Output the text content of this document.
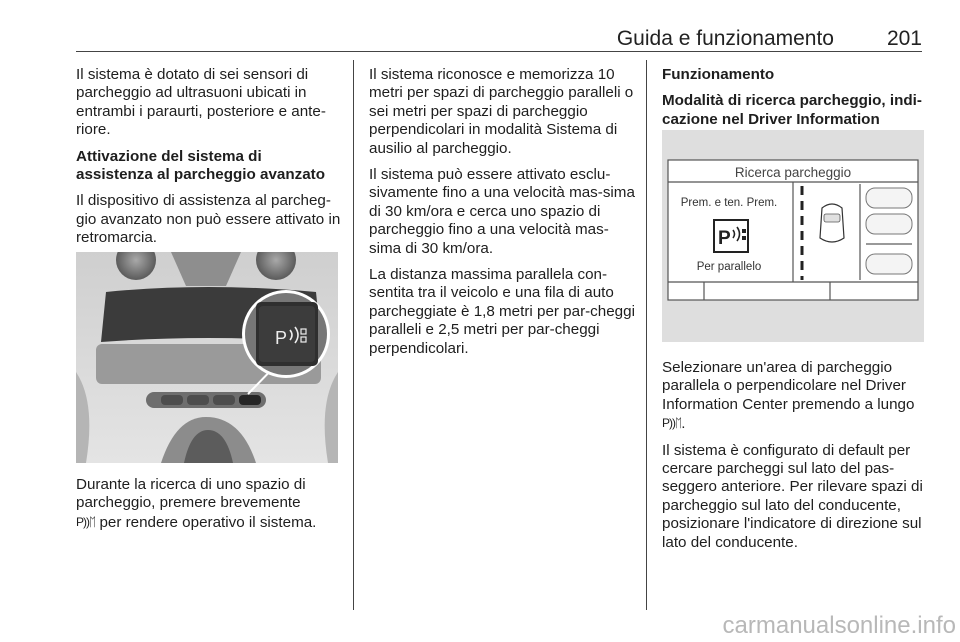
Guida e funzionamento	201

Il sistema è dotato di sei sensori di parcheggio ad ultrasuoni ubicati in entrambi i paraurti, posteriore e ante-riore.

Attivazione del sistema di assistenza al parcheggio avanzato

Il dispositivo di assistenza al parcheg-gio avanzato non può essere attivato in retromarcia.

P

Durante la ricerca di uno spazio di parcheggio, premere brevemente
P))ᛖ per rendere operativo il sistema.

Il sistema riconosce e memorizza 10 metri per spazi di parcheggio paralleli o sei metri per spazi di parcheggio perpendicolari in modalità Sistema di ausilio al parcheggio.

Il sistema può essere attivato esclu-sivamente fino a una velocità mas-sima di 30 km/ora e cerca uno spazio di parcheggio fino a una velocità mas-sima di 30 km/ora.

La distanza massima parallela con-sentita tra il veicolo e una fila di auto parcheggiate è 1,8 metri per par-cheggi paralleli e 2,5 metri per par-cheggi perpendicolari.

Funzionamento

Modalità di ricerca parcheggio, indi-cazione nel Driver Information

Ricerca parcheggio
Prem. e ten. Prem.
P
Per parallelo

Selezionare un'area di parcheggio parallela o perpendicolare nel Driver Information Center premendo a lungo
P))ᛖ.

Il sistema è configurato di default per cercare parcheggi sul lato del pas-seggero anteriore. Per rilevare spazi di parcheggio sul lato del conducente, posizionare l'indicatore di direzione sul lato del conducente.

carmanualsonline.info
